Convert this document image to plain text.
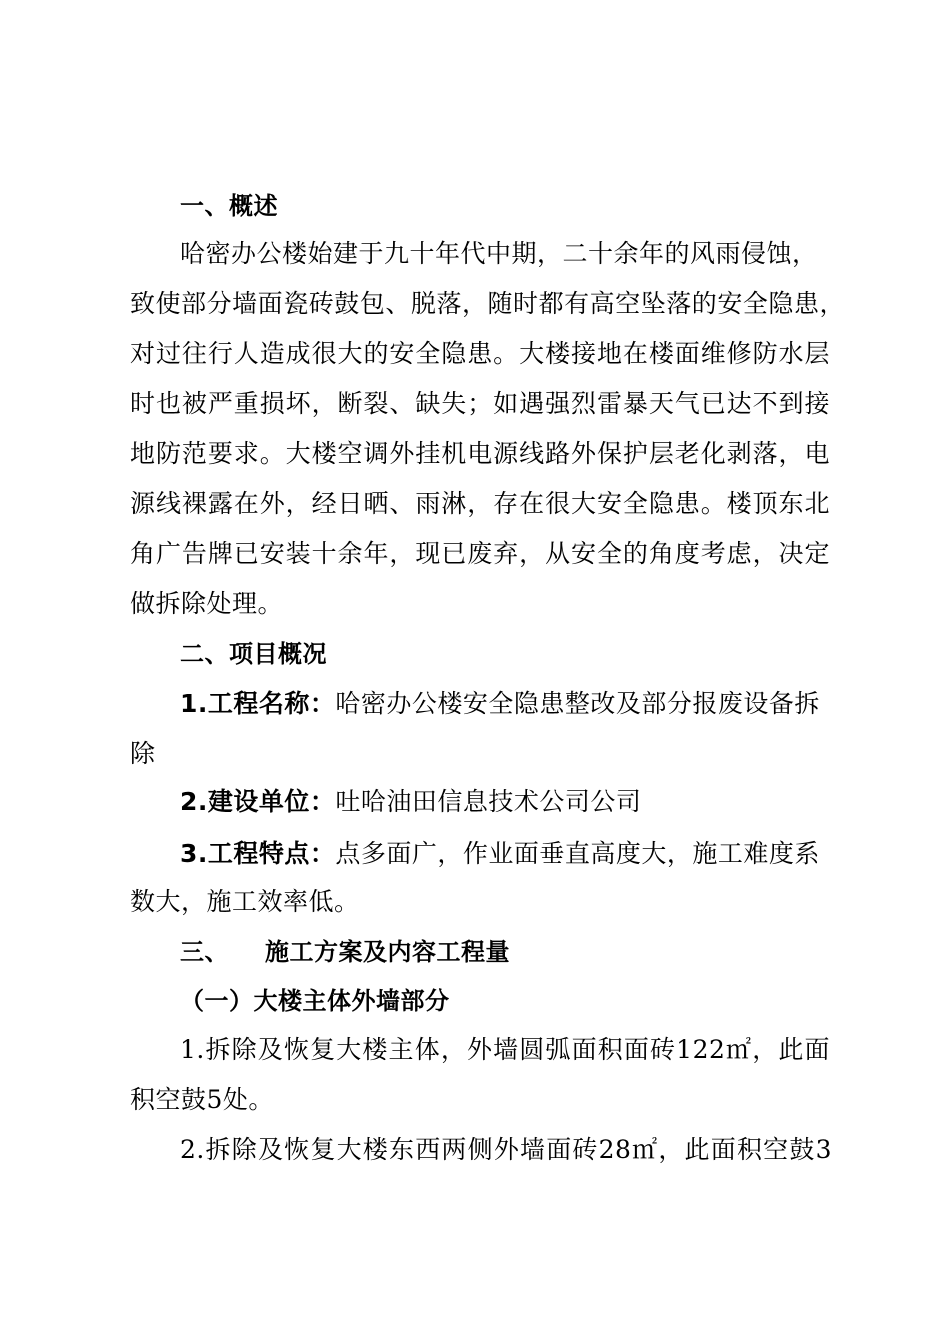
一、概述
哈密办公楼始建于九十年代中期，二十余年的风雨侵蚀，
致使部分墙面瓷砖鼓包、脱落，随时都有高空坠落的安全隐患，
对过往行人造成很大的安全隐患。大楼接地在楼面维修防水层
时也被严重损坏，断裂、缺失；如遇强烈雷暴天气已达不到接
地防范要求。大楼空调外挂机电源线路外保护层老化剥落，电
源线裸露在外，经日晒、雨淋，存在很大安全隐患。楼顶东北
角广告牌已安装十余年，现已废弃，从安全的角度考虑，决定
做拆除处理。
二、项目概况
1.工程名称：哈密办公楼安全隐患整改及部分报废设备拆
除
2.建设单位：吐哈油田信息技术公司公司
3.工程特点：点多面广，作业面垂直高度大，施工难度系
数大，施工效率低。
三、 施工方案及内容工程量
（一）大楼主体外墙部分
1.拆除及恢复大楼主体，外墙圆弧面积面砖122㎡，此面
积空鼓5处。
2.拆除及恢复大楼东西两侧外墙面砖28㎡，此面积空鼓3
